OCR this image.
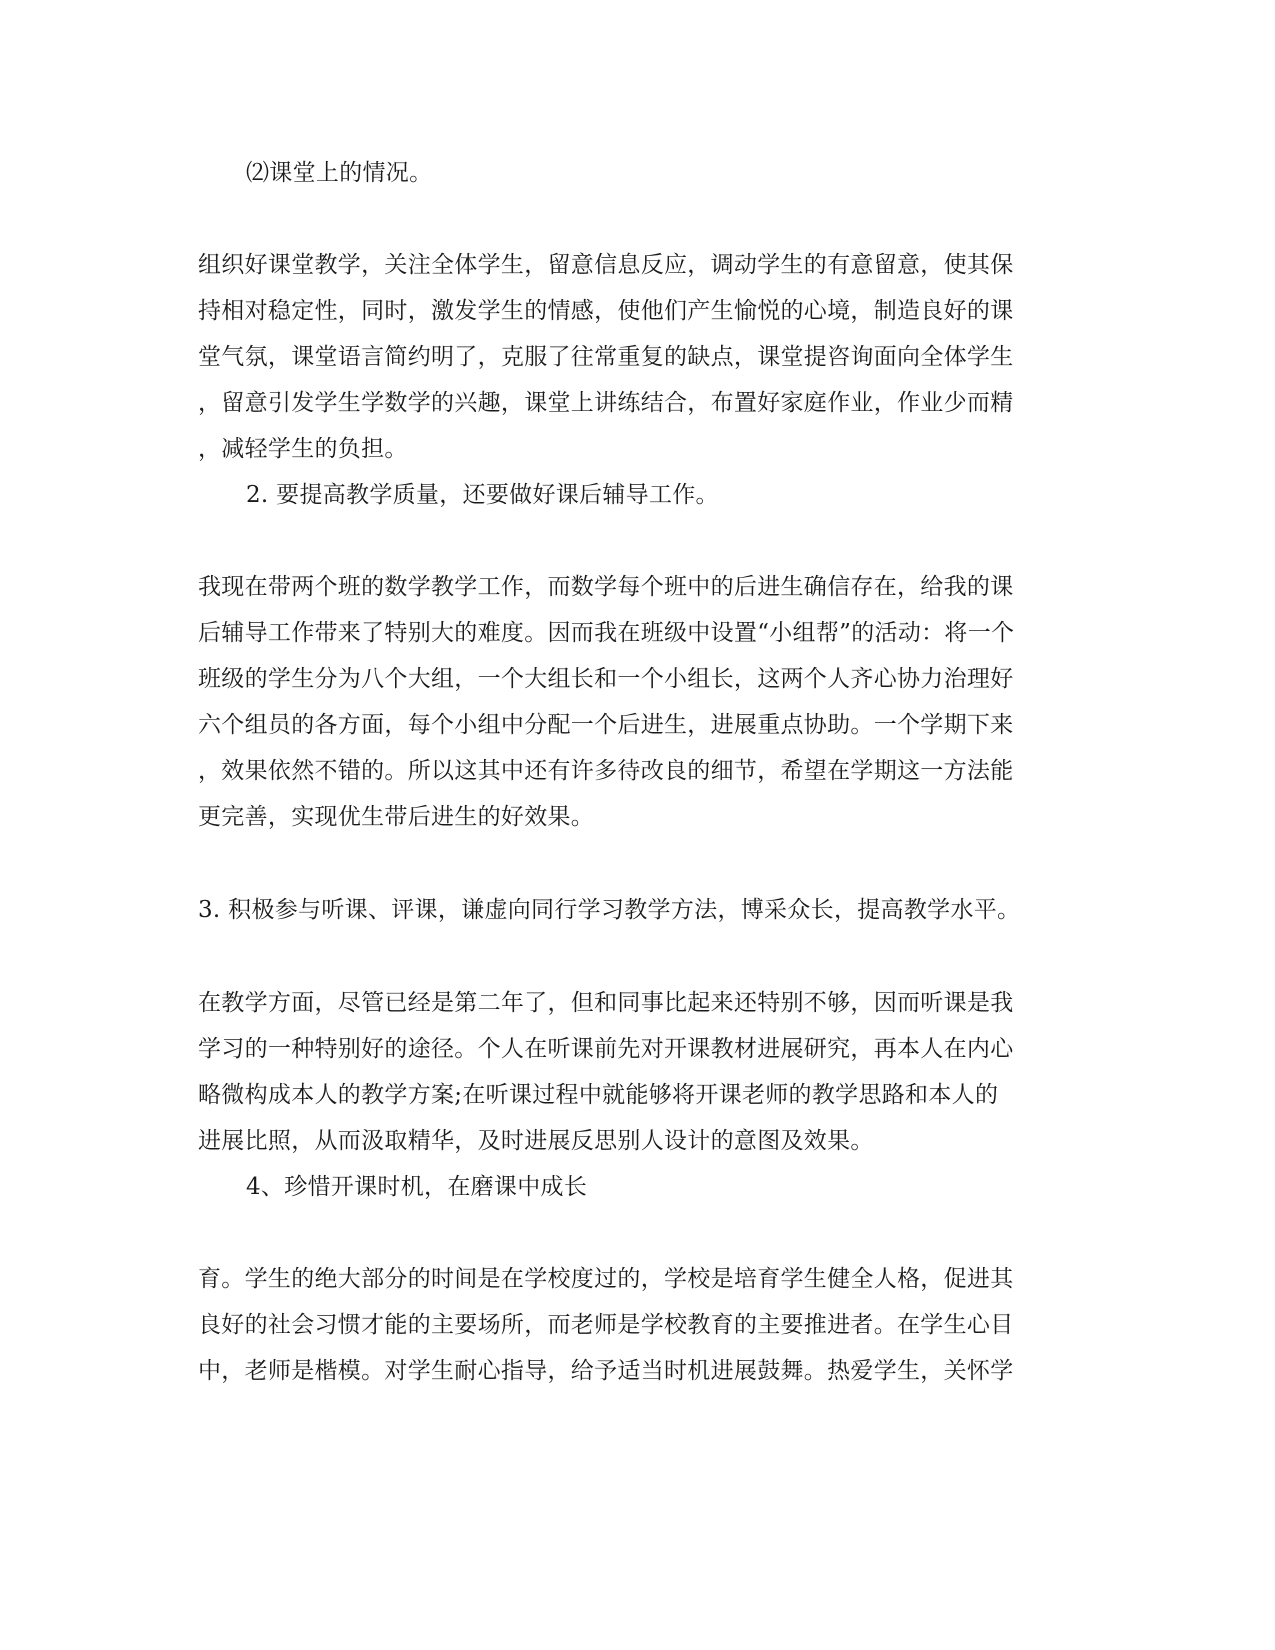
⑵课堂上的情况。
组织好课堂教学，关注全体学生，留意信息反应，调动学生的有意留意，使其保
持相对稳定性，同时，激发学生的情感，使他们产生愉悦的心境，制造良好的课
堂气氛，课堂语言简约明了，克服了往常重复的缺点，课堂提咨询面向全体学生
，留意引发学生学数学的兴趣，课堂上讲练结合，布置好家庭作业，作业少而精
，减轻学生的负担。
2. 要提高教学质量，还要做好课后辅导工作。
我现在带两个班的数学教学工作，而数学每个班中的后进生确信存在，给我的课
后辅导工作带来了特别大的难度。因而我在班级中设置“小组帮”的活动：将一个
班级的学生分为八个大组，一个大组长和一个小组长，这两个人齐心协力治理好
六个组员的各方面，每个小组中分配一个后进生，进展重点协助。一个学期下来
，效果依然不错的。所以这其中还有许多待改良的细节，希望在学期这一方法能
更完善，实现优生带后进生的好效果。
3. 积极参与听课、评课，谦虚向同行学习教学方法，博采众长，提高教学水平。
在教学方面，尽管已经是第二年了，但和同事比起来还特别不够，因而听课是我
学习的一种特别好的途径。个人在听课前先对开课教材进展研究，再本人在内心
略微构成本人的教学方案;在听课过程中就能够将开课老师的教学思路和本人的
进展比照，从而汲取精华，及时进展反思别人设计的意图及效果。
4、珍惜开课时机，在磨课中成长
育。学生的绝大部分的时间是在学校度过的，学校是培育学生健全人格，促进其
良好的社会习惯才能的主要场所，而老师是学校教育的主要推进者。在学生心目
中，老师是楷模。对学生耐心指导，给予适当时机进展鼓舞。热爱学生，关怀学
